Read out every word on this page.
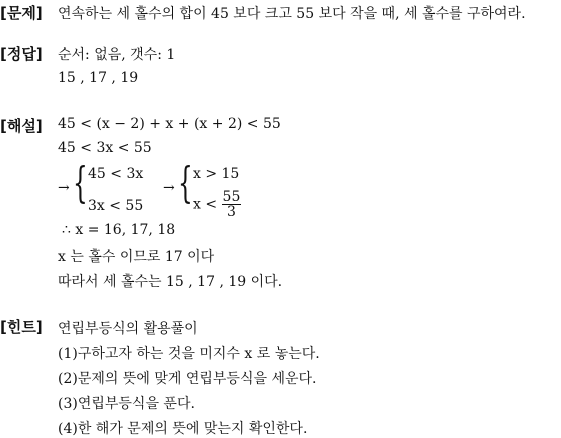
[문제] 연속하는 세 홀수의 합이 45 보다 크고 55 보다 작을 때, 세 홀수를 구하여라.
[정답] 순서: 없음, 갯수: 1
15 , 17 , 19
[해설] 45 < (x − 2) + x + (x + 2) < 55
45 < 3x < 55
→ { 45 < 3x
3x < 55
→ { x > 15
$x < \frac{55}{3}$
∴ x = 16, 17, 18
x 는 홀수 이므로 17 이다
따라서 세 홀수는 15 , 17 , 19 이다.
[힌트] 연립부등식의 활용풀이
(1)구하고자 하는 것을 미지수 x 로 놓는다.
(2)문제의 뜻에 맞게 연립부등식을 세운다.
(3)연립부등식을 푼다.
(4)한 해가 문제의 뜻에 맞는지 확인한다.
